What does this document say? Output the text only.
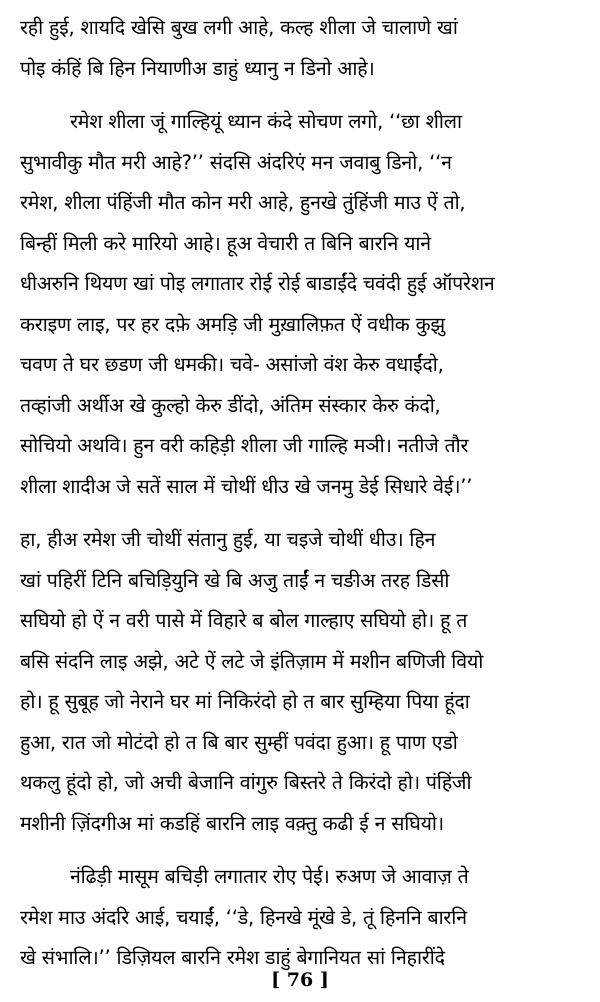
रही हुई, शायदि खेसि बुख लगी आहे, कल्ह शीला जे चालाणे खां
पोइ कंहिं बि हिन नियाणीअ डाहुं ध्यानु न डिनो आहे।
रमेश शीला जूं गाल्हियूं ध्यान कंदे सोचण लगो, ‘‘छा शीला
सुभावीकु मौत मरी आहे?’’ संदसि अंदरिएं मन जवाबु डिनो, ‘‘न
रमेश, शीला पंहिंजी मौत कोन मरी आहे, हुनखे तुंहिंजी माउ ऐं तो,
बिन्हीं मिली करे मारियो आहे। हूअ वेचारी त बिनि बारनि याने
धीअरुनि थियण खां पोइ लगातार रोई रोई बाडाईंदे चवंदी हुई ऑपरेशन
कराइण लाइ, पर हर दफ़े अमड़ि जी मुख़ालिफ़त ऐं वधीक कुझु
चवण ते घर छडण जी धमकी। चवे- असांजो वंश केरु वधाईंदो,
तव्हांजी अर्थीअ खे कुल्हो केरु डींदो, अंतिम संस्कार केरु कंदो,
सोचियो अथवि। हुन वरी कहिड़ी शीला जी गाल्हि मञी। नतीजे तौर
शीला शादीअ जे सतें साल में चोथीं धीउ खे जनमु डेई सिधारे वेई।’’
हा, हीअ रमेश जी चोथीं संतानु हुई, या चइजे चोथीं धीउ। हिन
खां पहिरीं टिनि बचिड़ियुनि खे बि अजु ताईं न चङीअ तरह डिसी
सघियो हो ऐं न वरी पासे में विहारे ब बोल गाल्हाए सघियो हो। हू त
बसि संदनि लाइ अझे, अटे ऐं लटे जे इंतिज़ाम में मशीन बणिजी वियो
हो। हू सुबूह जो नेराने घर मां निकिरंदो हो त बार सुम्हिया पिया हूंदा
हुआ, रात जो मोटंदो हो त बि बार सुम्हीं पवंदा हुआ। हू पाण एडो
थकलु हूंदो हो, जो अची बेजानि वांगुरु बिस्तरे ते किरंदो हो। पंहिंजी
मशीनी ज़िंदगीअ मां कडहिं बारनि लाइ वक़्तु कढी ई न सघियो।
नंढिड़ी मासूम बचिड़ी लगातार रोए पेई। रुअण जे आवाज़ ते
रमेश माउ अंदरि आई, चयाईं, ‘‘डे, हिनखे मूंखे डे, तूं हिननि बारनि
खे संभालि।’’ डिज़ियल बारनि रमेश डाहुं बेगानियत सां निहारींदे
[ 76 ]
